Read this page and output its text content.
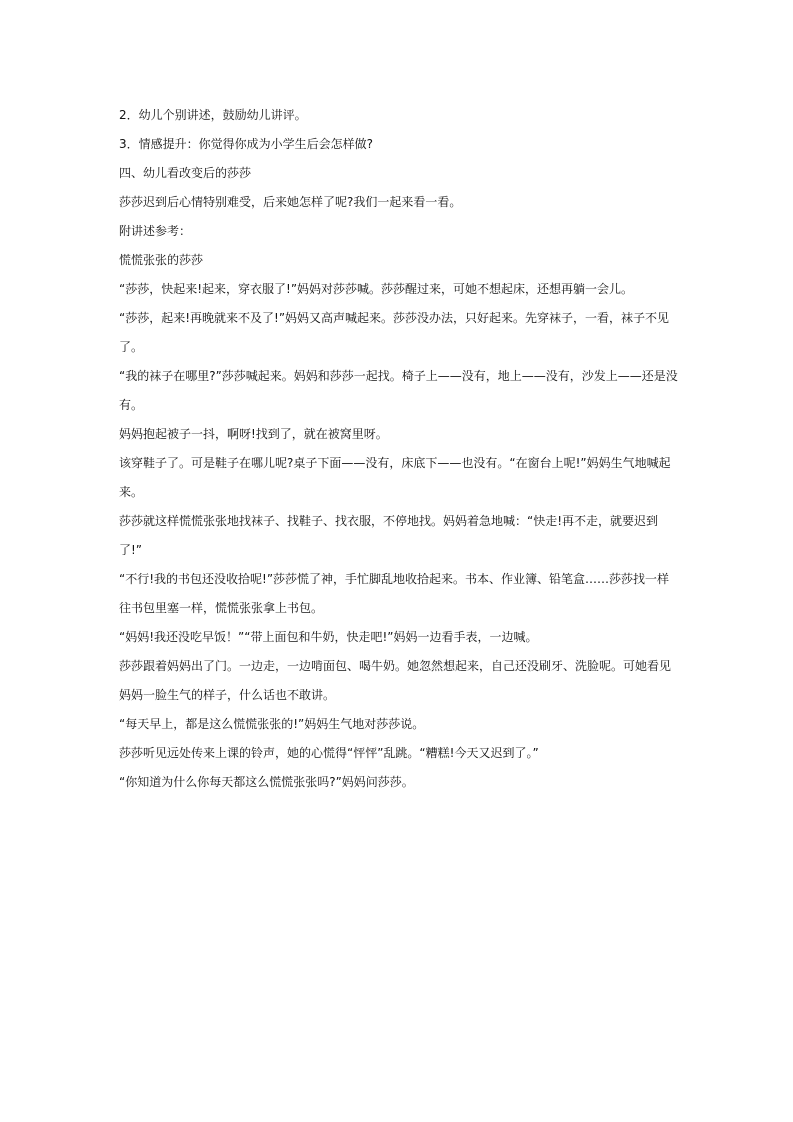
2．幼儿个别讲述，鼓励幼儿讲评。

3．情感提升：你觉得你成为小学生后会怎样做?

四、幼儿看改变后的莎莎

莎莎迟到后心情特别难受，后来她怎样了呢?我们一起来看一看。

附讲述参考：

慌慌张张的莎莎

“莎莎，快起来!起来，穿衣服了!”妈妈对莎莎喊。莎莎醒过来，可她不想起床，还想再躺一会儿。

“莎莎，起来!再晚就来不及了!”妈妈又高声喊起来。莎莎没办法，只好起来。先穿袜子，一看，袜子不见了。

“我的袜子在哪里?”莎莎喊起来。妈妈和莎莎一起找。椅子上——没有，地上——没有，沙发上——还是没有。

妈妈抱起被子一抖，啊呀!找到了，就在被窝里呀。

该穿鞋子了。可是鞋子在哪儿呢?桌子下面——没有，床底下——也没有。“在窗台上呢!”妈妈生气地喊起来。

莎莎就这样慌慌张张地找袜子、找鞋子、找衣服，不停地找。妈妈着急地喊：“快走!再不走，就要迟到了!”

“不行!我的书包还没收拾呢!”莎莎慌了神，手忙脚乱地收拾起来。书本、作业簿、铅笔盒……莎莎找一样往书包里塞一样，慌慌张张拿上书包。

“妈妈!我还没吃早饭！”“带上面包和牛奶，快走吧!”妈妈一边看手表，一边喊。

莎莎跟着妈妈出了门。一边走，一边啃面包、喝牛奶。她忽然想起来，自己还没刷牙、洗脸呢。可她看见妈妈一脸生气的样子，什么话也不敢讲。

“每天早上，都是这么慌慌张张的!”妈妈生气地对莎莎说。

莎莎听见远处传来上课的铃声，她的心慌得“怦怦”乱跳。“糟糕!今天又迟到了。”

“你知道为什么你每天都这么慌慌张张吗?”妈妈问莎莎。
